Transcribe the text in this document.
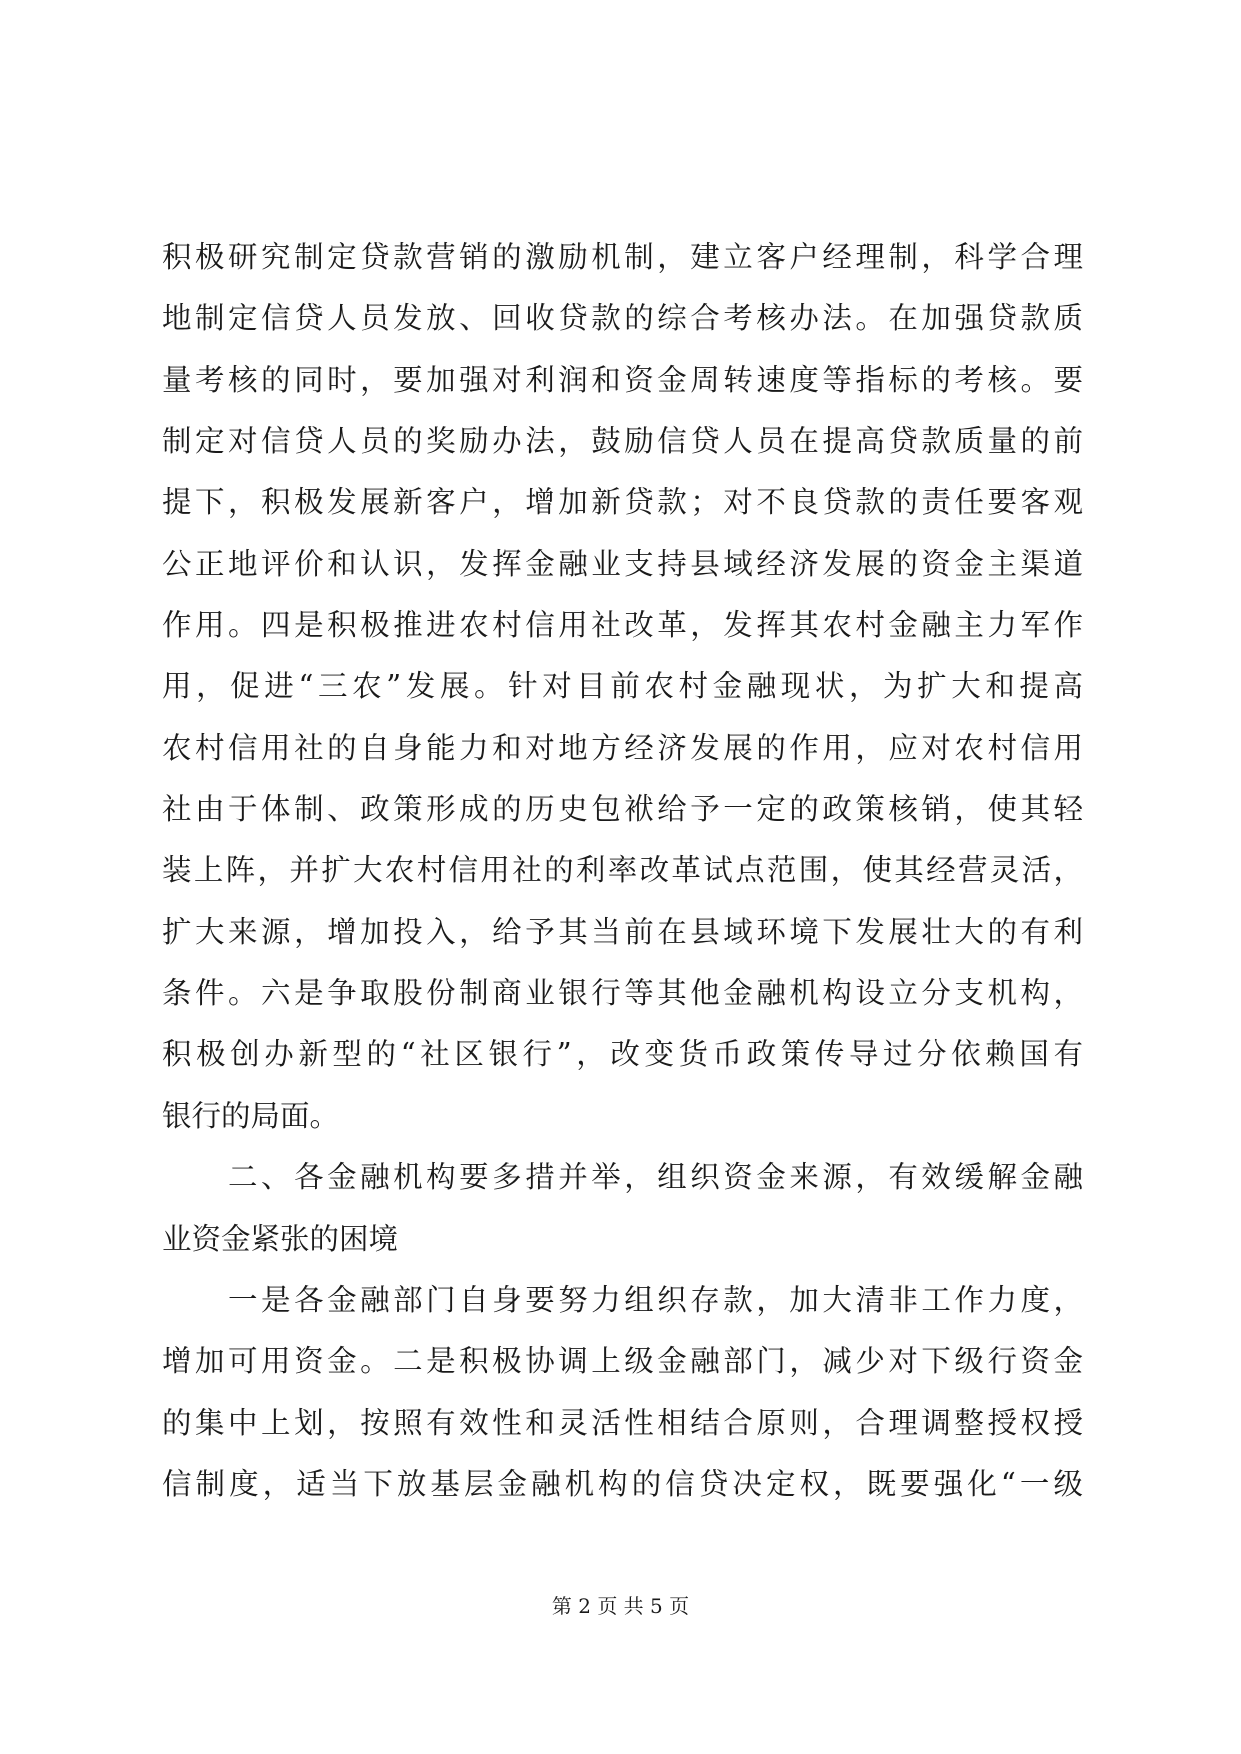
积极研究制定贷款营销的激励机制，建立客户经理制，科学合理
地制定信贷人员发放、回收贷款的综合考核办法。在加强贷款质
量考核的同时，要加强对利润和资金周转速度等指标的考核。要
制定对信贷人员的奖励办法，鼓励信贷人员在提高贷款质量的前
提下，积极发展新客户，增加新贷款；对不良贷款的责任要客观
公正地评价和认识，发挥金融业支持县域经济发展的资金主渠道
作用。四是积极推进农村信用社改革，发挥其农村金融主力军作
用，促进“三农”发展。针对目前农村金融现状，为扩大和提高
农村信用社的自身能力和对地方经济发展的作用，应对农村信用
社由于体制、政策形成的历史包袱给予一定的政策核销，使其轻
装上阵，并扩大农村信用社的利率改革试点范围，使其经营灵活，
扩大来源，增加投入，给予其当前在县域环境下发展壮大的有利
条件。六是争取股份制商业银行等其他金融机构设立分支机构，
积极创办新型的“社区银行”，改变货币政策传导过分依赖国有
银行的局面。
　　二、各金融机构要多措并举，组织资金来源，有效缓解金融
业资金紧张的困境
　　一是各金融部门自身要努力组织存款，加大清非工作力度，
增加可用资金。二是积极协调上级金融部门，减少对下级行资金
的集中上划，按照有效性和灵活性相结合原则，合理调整授权授
信制度，适当下放基层金融机构的信贷决定权，既要强化“一级
第 2 页 共 5 页
